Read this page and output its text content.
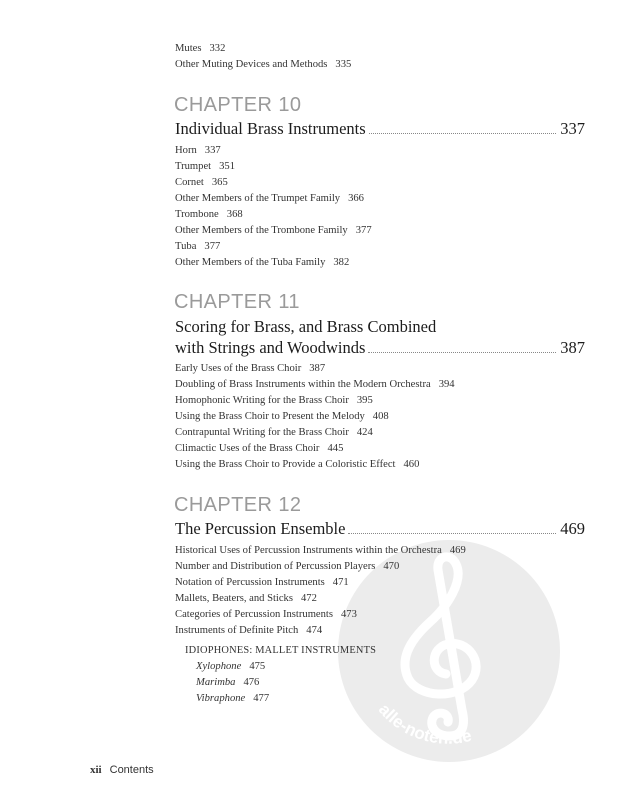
alle-noten.de
Mutes 332
Other Muting Devices and Methods 335
CHAPTER 10
Individual Brass Instruments	337
Horn 337
Trumpet 351
Cornet 365
Other Members of the Trumpet Family 366
Trombone 368
Other Members of the Trombone Family 377
Tuba 377
Other Members of the Tuba Family 382
CHAPTER 11
Scoring for Brass, and Brass Combined
with Strings and Woodwinds	387
Early Uses of the Brass Choir 387
Doubling of Brass Instruments within the Modern Orchestra 394
Homophonic Writing for the Brass Choir 395
Using the Brass Choir to Present the Melody 408
Contrapuntal Writing for the Brass Choir 424
Climactic Uses of the Brass Choir 445
Using the Brass Choir to Provide a Coloristic Effect 460
CHAPTER 12
The Percussion Ensemble	469
Historical Uses of Percussion Instruments within the Orchestra 469
Number and Distribution of Percussion Players 470
Notation of Percussion Instruments 471
Mallets, Beaters, and Sticks 472
Categories of Percussion Instruments 473
Instruments of Definite Pitch 474
IDIOPHONES: MALLET INSTRUMENTS
Xylophone 475
Marimba 476
Vibraphone 477
xii Contents
